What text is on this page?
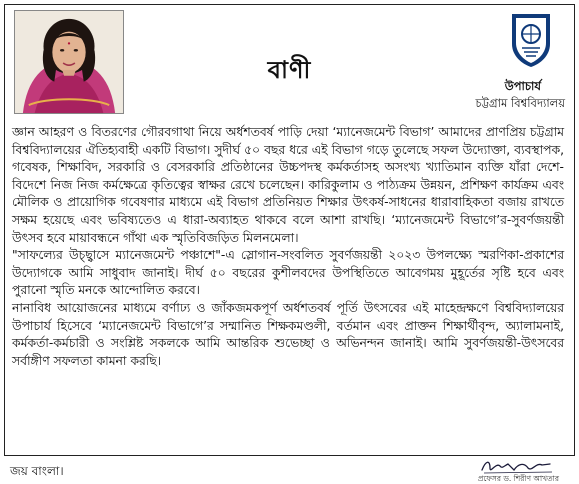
বাণী
উপাচার্য
চট্টগ্রাম বিশ্ববিদ্যালয়

জ্ঞান আহরণ ও বিতরণের গৌরবগাথা নিয়ে অর্ধশতবর্ষ পাড়ি দেয়া ‘ম্যানেজমেন্ট বিভাগ’ আমাদের প্রাণপ্রিয় চট্টগ্রাম বিশ্ববিদ্যালয়ের ঐতিহ্যবাহী একটি বিভাগ। সুদীর্ঘ ৫০ বছর ধরে এই বিভাগ গড়ে তুলেছে সফল উদ্যোক্তা, ব্যবস্থাপক, গবেষক, শিক্ষাবিদ, সরকারি ও বেসরকারি প্রতিষ্ঠানের উচ্চপদস্থ কর্মকর্তাসহ অসংখ্য খ্যাতিমান ব্যক্তি যাঁরা দেশে-বিদেশে নিজ নিজ কর্মক্ষেত্রে কৃতিত্বের স্বাক্ষর রেখে চলেছেন। কারিকুলাম ও পাঠ্যক্রম উন্নয়ন, প্রশিক্ষণ কার্যক্রম এবং মৌলিক ও প্রায়োগিক গবেষণার মাধ্যমে এই বিভাগ প্রতিনিয়ত শিক্ষার উৎকর্ষ-সাধনের ধারাবাহিকতা বজায় রাখতে সক্ষম হয়েছে এবং ভবিষ্যতেও এ ধারা-অব্যাহত থাকবে বলে আশা রাখছি। ‘ম্যানেজমেন্ট বিভাগে’র-সুবর্ণজয়ন্তী উৎসব হবে মায়াবন্ধনে গাঁথা এক স্মৃতিবিজড়িত মিলনমেলা।

"সাফল্যের উচ্ছ্বাসে ম্যানেজমেন্ট পঞ্চাশে"-এ স্লোগান-সংবলিত সুবর্ণজয়ন্তী ২০২৩ উপলক্ষ্যে স্মরণিকা-প্রকাশের উদ্যোগকে আমি সাধুবাদ জানাই। দীর্ঘ ৫০ বছরের কুশীলবদের উপস্থিতিতে আবেগময় মুহূর্তের সৃষ্টি হবে এবং পুরানো স্মৃতি মনকে আন্দোলিত করবে।

নানাবিধ আয়োজনের মাধ্যমে বর্ণাঢ্য ও জাঁকজমকপূর্ণ অর্ধশতবর্ষ পূর্তি উৎসবের এই মাহেন্দ্রক্ষণে বিশ্ববিদ্যালয়ের উপাচার্য হিসেবে ‘ম্যানেজমেন্ট বিভাগে’র সম্মানিত শিক্ষকমণ্ডলী, বর্তমান এবং প্রাক্তন শিক্ষার্থীবৃন্দ, অ্যালামনাই, কর্মকর্তা-কর্মচারী ও সংশ্লিষ্ট সকলকে আমি আন্তরিক শুভেচ্ছা ও অভিনন্দন জানাই। আমি সুবর্ণজয়ন্তী-উৎসবের সর্বাঙ্গীণ সফলতা কামনা করছি।

জয় বাংলা।
প্রফেসর ড. শিরীণ আখতার
